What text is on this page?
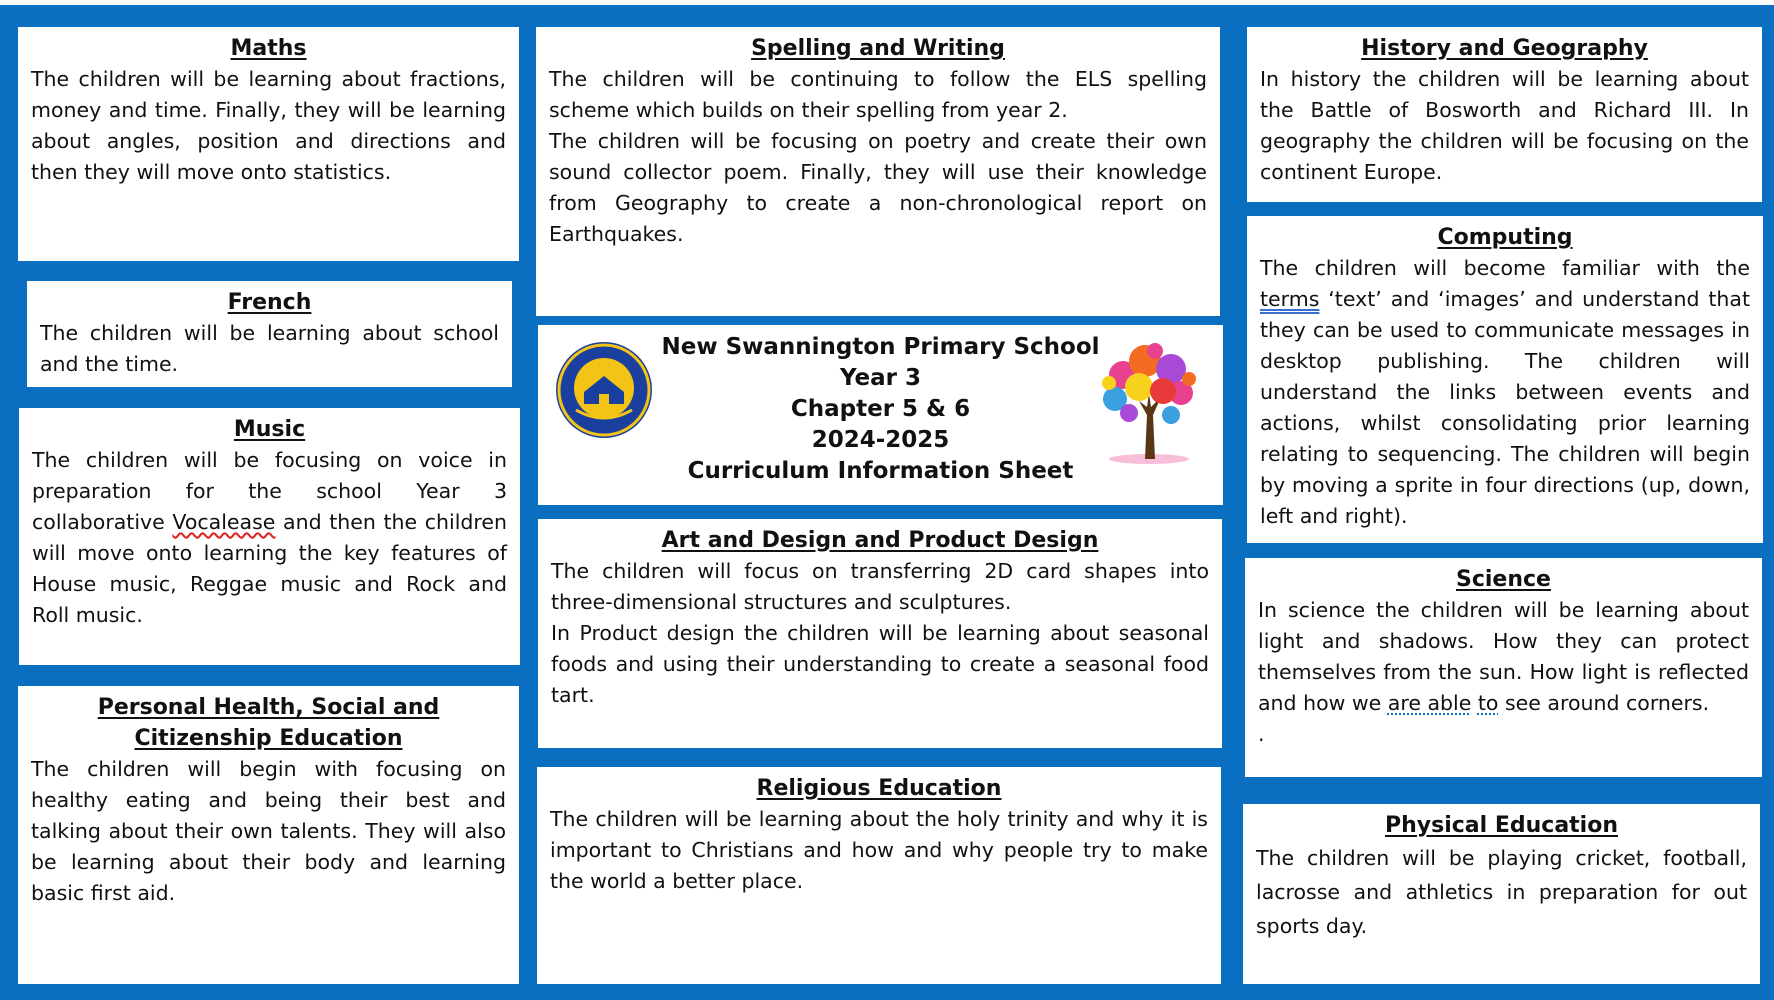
Maths

The children will be learning about fractions, money and time. Finally, they will be learning about angles, position and directions and then they will move onto statistics.

French

The children will be learning about school and the time.

Music

The children will be focusing on voice in preparation for the school Year 3 collaborative Vocalease and then the children will move onto learning the key features of House music, Reggae music and Rock and Roll music.

Personal Health, Social and Citizenship Education

The children will begin with focusing on healthy eating and being their best and talking about their own talents. They will also be learning about their body and learning basic first aid.

Spelling and Writing

The children will be continuing to follow the ELS spelling scheme which builds on their spelling from year 2.

The children will be focusing on poetry and create their own sound collector poem. Finally, they will use their knowledge from Geography to create a non-chronological report on Earthquakes.

New Swannington Primary School
Year 3
Chapter 5 & 6
2024-2025
Curriculum Information Sheet
Art and Design and Product Design

The children will focus on transferring 2D card shapes into three-dimensional structures and sculptures.

In Product design the children will be learning about seasonal foods and using their understanding to create a seasonal food tart.

Religious Education

The children will be learning about the holy trinity and why it is important to Christians and how and why people try to make the world a better place.

History and Geography

In history the children will be learning about the Battle of Bosworth and Richard III. In geography the children will be focusing on the continent Europe.

Computing

The children will become familiar with the terms ‘text’ and ‘images’ and understand that they can be used to communicate messages in desktop publishing. The children will understand the links between events and actions, whilst consolidating prior learning relating to sequencing. The children will begin by moving a sprite in four directions (up, down, left and right).

Science

In science the children will be learning about light and shadows. How they can protect themselves from the sun. How light is reflected and how we are able to see around corners.

.

Physical Education

The children will be playing cricket, football, lacrosse and athletics in preparation for out sports day.
